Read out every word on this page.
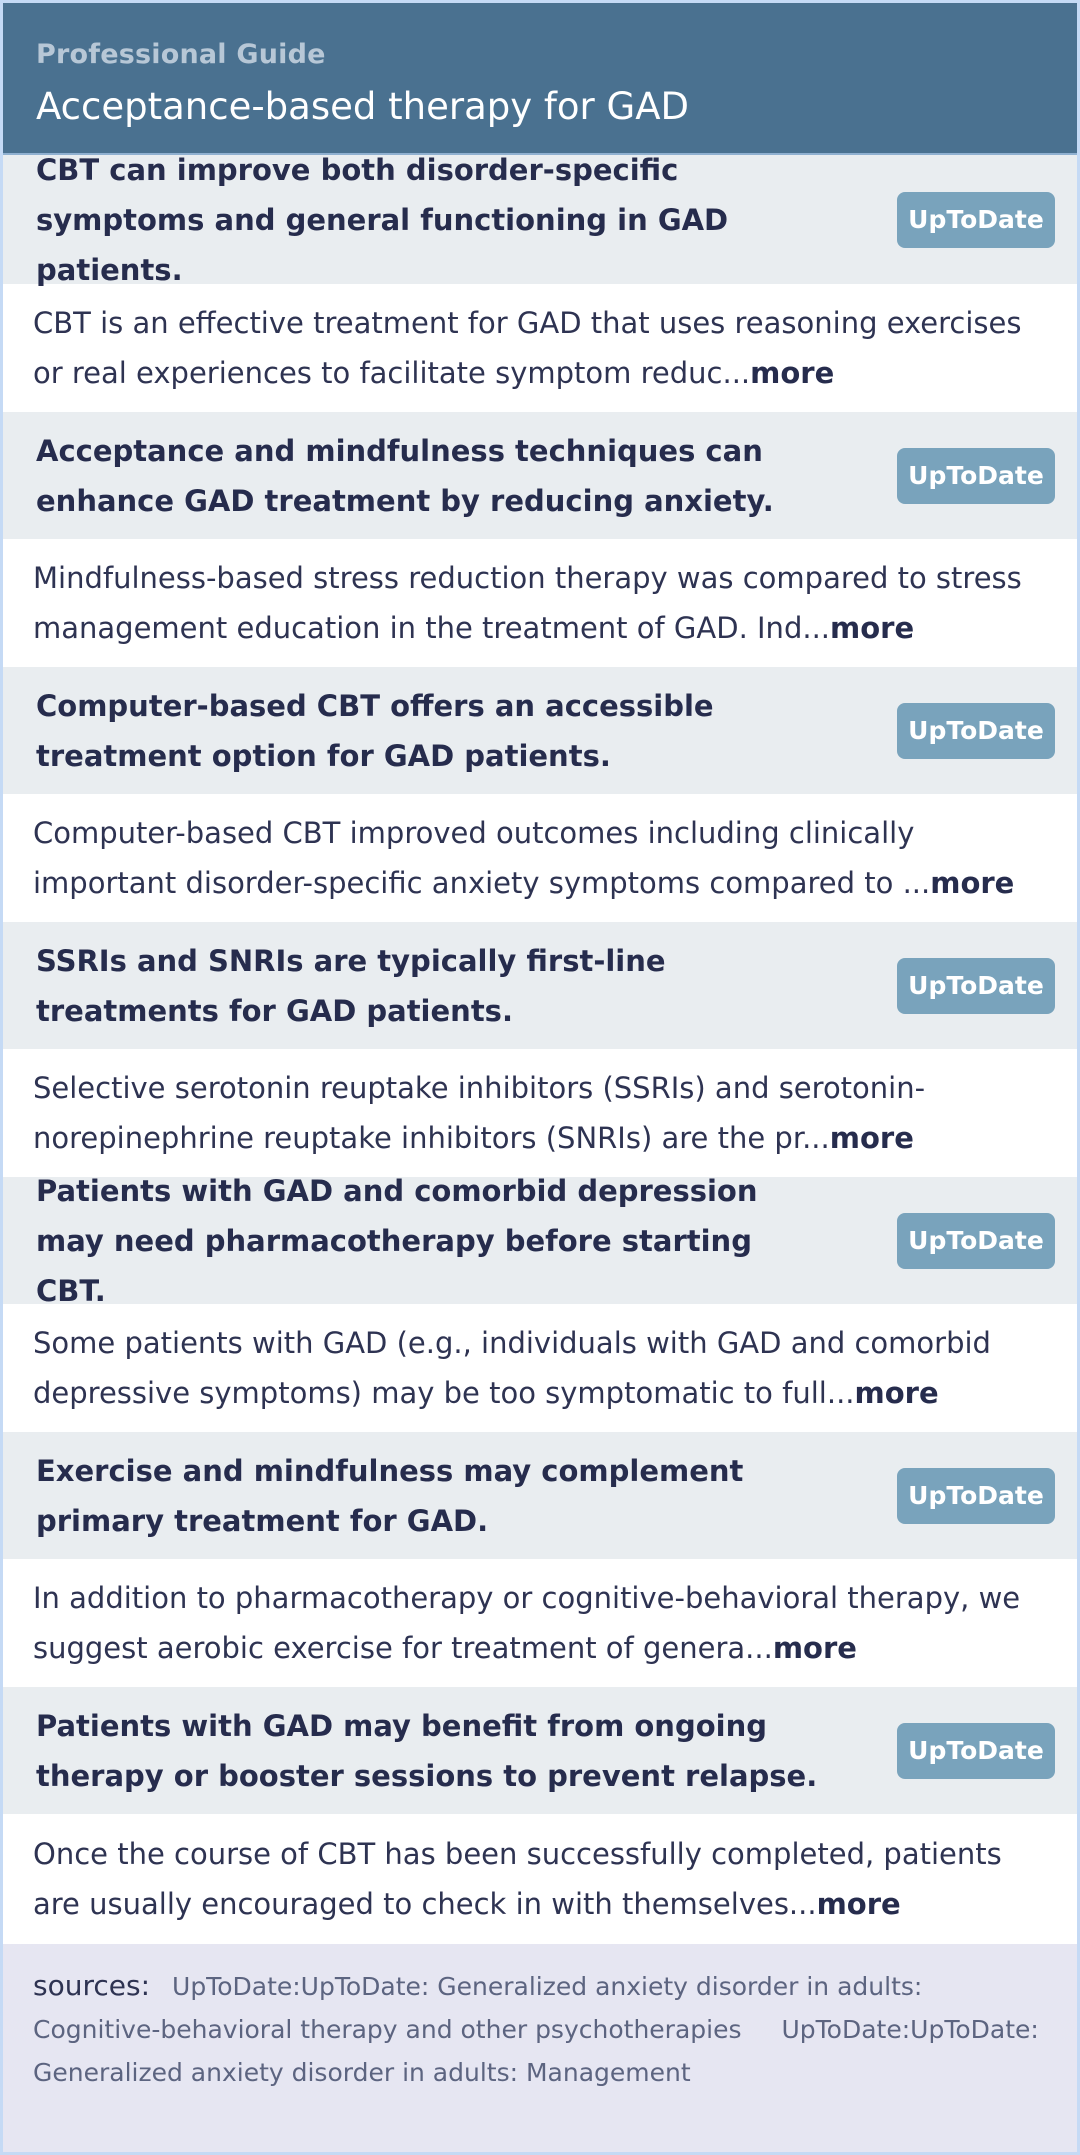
Professional Guide
Acceptance-based therapy for GAD
CBT can improve both disorder-specific symptoms and general functioning in GAD patients.
UpToDate
CBT is an effective treatment for GAD that uses reasoning exercises or real experiences to facilitate symptom reduc...more
Acceptance and mindfulness techniques can enhance GAD treatment by reducing anxiety.
UpToDate
Mindfulness-based stress reduction therapy was compared to stress management education in the treatment of GAD. Ind...more
Computer-based CBT offers an accessible treatment option for GAD patients.
UpToDate
Computer-based CBT improved outcomes including clinically important disorder-specific anxiety symptoms compared to ...more
SSRIs and SNRIs are typically first-line treatments for GAD patients.
UpToDate
Selective serotonin reuptake inhibitors (SSRIs) and serotonin-norepinephrine reuptake inhibitors (SNRIs) are the pr...more
Patients with GAD and comorbid depression may need pharmacotherapy before starting CBT.
UpToDate
Some patients with GAD (e.g., individuals with GAD and comorbid depressive symptoms) may be too symptomatic to full...more
Exercise and mindfulness may complement primary treatment for GAD.
UpToDate
In addition to pharmacotherapy or cognitive-behavioral therapy, we suggest aerobic exercise for treatment of genera...more
Patients with GAD may benefit from ongoing therapy or booster sessions to prevent relapse.
UpToDate
Once the course of CBT has been successfully completed, patients are usually encouraged to check in with themselves...more
sources: UpToDate:UpToDate: Generalized anxiety disorder in adults: Cognitive-behavioral therapy and other psychotherapies UpToDate:UpToDate: Generalized anxiety disorder in adults: Management
